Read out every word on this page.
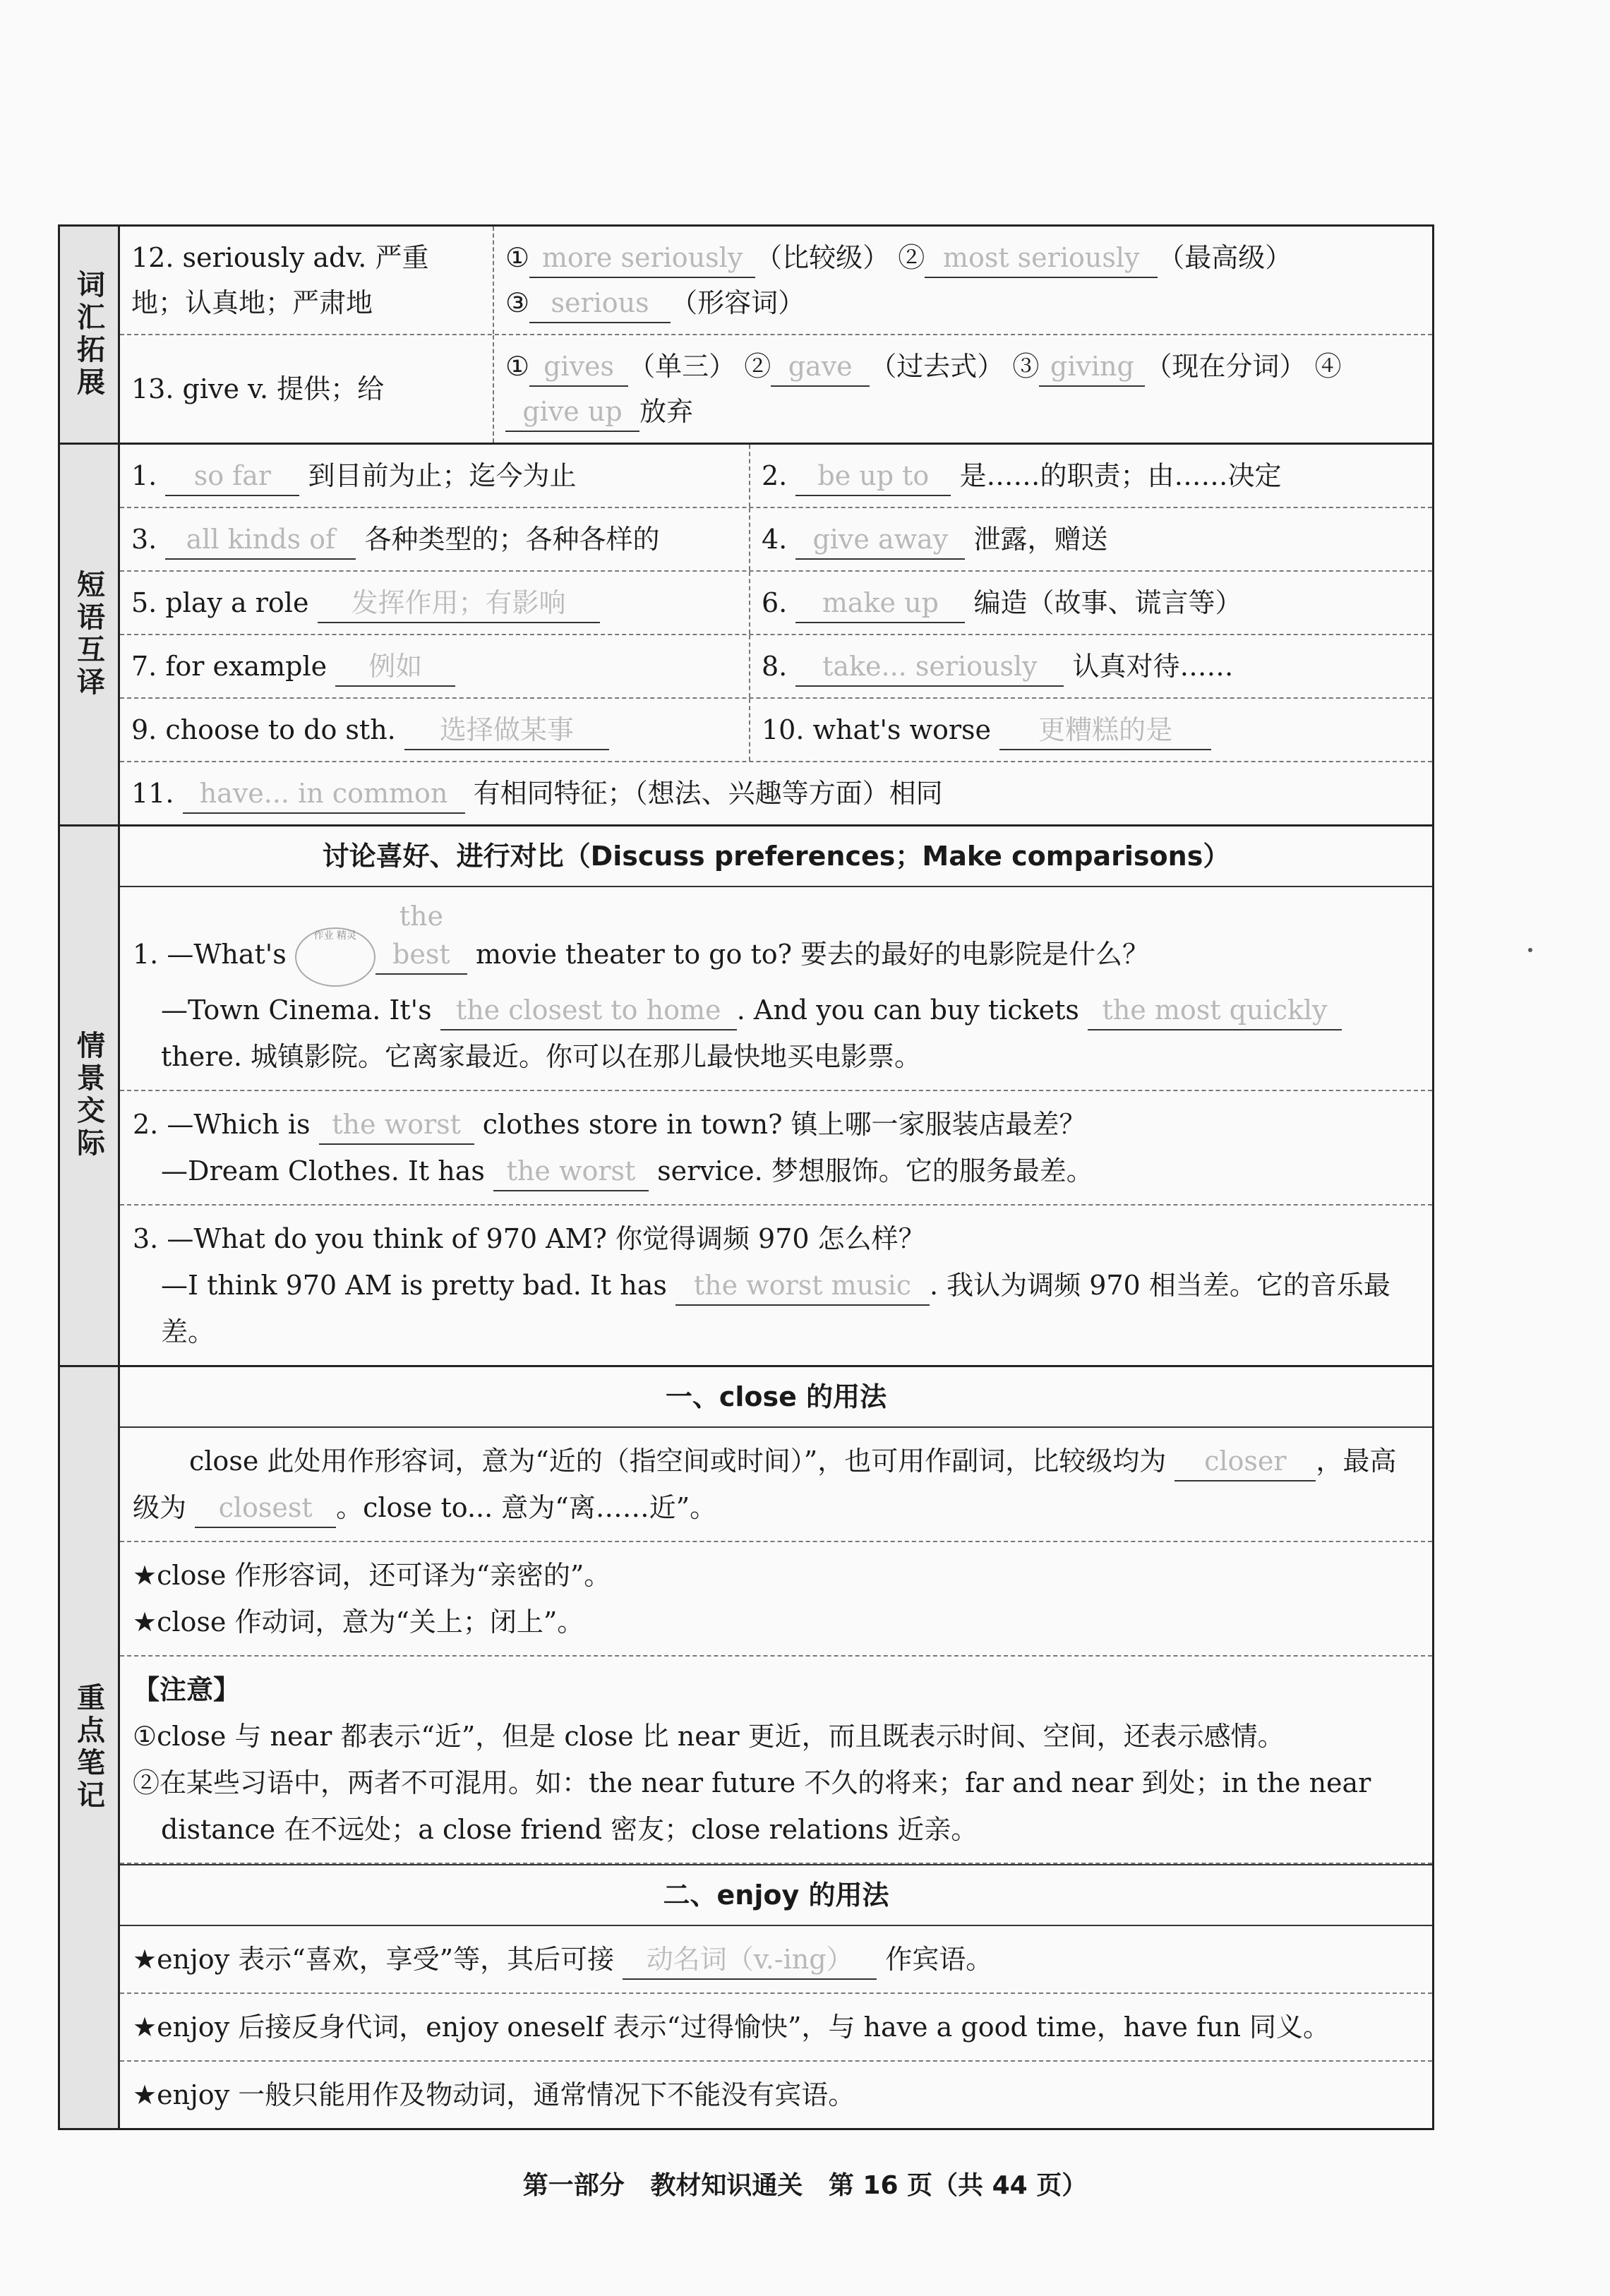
词汇拓展
12. seriously adv. 严重地；认真地；严肃地
① more seriously （比较级） ② most seriously （最高级）
③ serious （形容词）
13. give v. 提供；给
① gives （单三） ② gave （过去式） ③ giving （现在分词） ④give up 放弃
短语互译
1. so far 到目前为止；迄今为止	2. be up to 是……的职责；由……决定
3. all kinds of 各种类型的；各种各样的	4. give away 泄露，赠送
5. play a role 发挥作用；有影响	6. make up 编造（故事、谎言等）
7. for example 例如	8. take... seriously 认真对待……
9. choose to do sth. 选择做某事	10. what's worse 更糟糕的是
11. have... in common 有相同特征；（想法、兴趣等方面）相同
情景交际
讨论喜好、进行对比（Discuss preferences；Make comparisons）
1. —What's 作业 精灵the best movie theater to go to? 要去的最好的电影院是什么？

—Town Cinema. It's the closest to home . And you can buy tickets the most quickly there. 城镇影院。它离家最近。你可以在那儿最快地买电影票。
2. —Which is the worst clothes store in town? 镇上哪一家服装店最差？

—Dream Clothes. It has the worst service. 梦想服饰。它的服务最差。
3. —What do you think of 970 AM? 你觉得调频 970 怎么样？

—I think 970 AM is pretty bad. It has the worst music . 我认为调频 970 相当差。它的音乐最差。
重点笔记
一、close 的用法
close 此处用作形容词，意为“近的（指空间或时间）”，也可用作副词，比较级均为 closer ，最高级为 closest 。close to... 意为“离……近”。
★close 作形容词，还可译为“亲密的”。
★close 作动词，意为“关上；闭上”。
【注意】
①close 与 near 都表示“近”，但是 close 比 near 更近，而且既表示时间、空间，还表示感情。
②在某些习语中，两者不可混用。如：the near future 不久的将来；far and near 到处；in the near distance 在不远处；a close friend 密友；close relations 近亲。
二、enjoy 的用法
★enjoy 表示“喜欢，享受”等，其后可接 动名词（v.-ing） 作宾语。
★enjoy 后接反身代词，enjoy oneself 表示“过得愉快”，与 have a good time，have fun 同义。
★enjoy 一般只能用作及物动词，通常情况下不能没有宾语。
第一部分 教材知识通关 第 16 页（共 44 页）
